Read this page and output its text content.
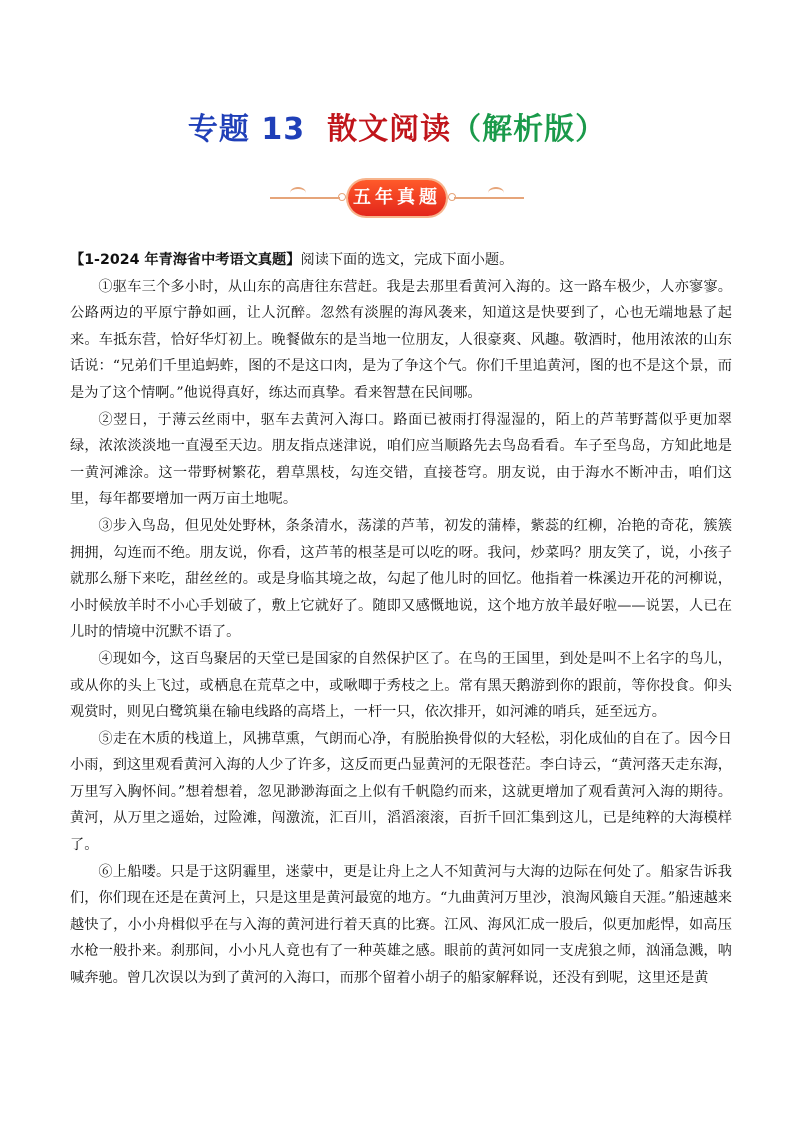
专题 13 散文阅读（解析版）
五年真题

【1-2024 年青海省中考语文真题】阅读下面的选文，完成下面小题。

①驱车三个多小时，从山东的高唐往东营赶。我是去那里看黄河入海的。这一路车极少，人亦寥寥。公路两边的平原宁静如画，让人沉醉。忽然有淡腥的海风袭来，知道这是快要到了，心也无端地悬了起来。车抵东营，恰好华灯初上。晚餐做东的是当地一位朋友，人很豪爽、风趣。敬酒时，他用浓浓的山东话说：“兄弟们千里追蚂蚱，图的不是这口肉，是为了争这个气。你们千里追黄河，图的也不是这个景，而是为了这个情啊。”他说得真好，练达而真挚。看来智慧在民间哪。

②翌日，于薄云丝雨中，驱车去黄河入海口。路面已被雨打得湿湿的，陌上的芦苇野蒿似乎更加翠绿，浓浓淡淡地一直漫至天边。朋友指点迷津说，咱们应当顺路先去鸟岛看看。车子至鸟岛，方知此地是一黄河滩涂。这一带野树繁花，碧草黑枝，勾连交错，直接苍穹。朋友说，由于海水不断冲击，咱们这里，每年都要增加一两万亩土地呢。

③步入鸟岛，但见处处野林，条条清水，荡漾的芦苇，初发的蒲棒，紫蕊的红柳，冶艳的奇花，簇簇拥拥，勾连而不绝。朋友说，你看，这芦苇的根茎是可以吃的呀。我问，炒菜吗？朋友笑了，说，小孩子就那么掰下来吃，甜丝丝的。或是身临其境之故，勾起了他儿时的回忆。他指着一株溪边开花的河柳说，小时候放羊时不小心手划破了，敷上它就好了。随即又感慨地说，这个地方放羊最好啦——说罢，人已在儿时的情境中沉默不语了。

④现如今，这百鸟聚居的天堂已是国家的自然保护区了。在鸟的王国里，到处是叫不上名字的鸟儿，或从你的头上飞过，或栖息在荒草之中，或啾唧于秀枝之上。常有黑天鹅游到你的跟前，等你投食。仰头观赏时，则见白鹭筑巢在输电线路的高塔上，一杆一只，依次排开，如河滩的哨兵，延至远方。

⑤走在木质的栈道上，风拂草熏，气朗而心净，有脱胎换骨似的大轻松，羽化成仙的自在了。因今日小雨，到这里观看黄河入海的人少了许多，这反而更凸显黄河的无限苍茫。李白诗云，“黄河落天走东海，万里写入胸怀间。”想着想着，忽见渺渺海面之上似有千帆隐约而来，这就更增加了观看黄河入海的期待。黄河，从万里之遥始，过险滩，闯激流，汇百川，滔滔滚滚，百折千回汇集到这儿，已是纯粹的大海模样了。

⑥上船喽。只是于这阴霾里，迷蒙中，更是让舟上之人不知黄河与大海的边际在何处了。船家告诉我们，你们现在还是在黄河上，只是这里是黄河最宽的地方。“九曲黄河万里沙，浪淘风簸自天涯。”船速越来越快了，小小舟楫似乎在与入海的黄河进行着天真的比赛。江风、海风汇成一股后，似更加彪悍，如高压水枪一般扑来。刹那间，小小凡人竟也有了一种英雄之感。眼前的黄河如同一支虎狼之师，汹涌急溅，呐喊奔驰。曾几次误以为到了黄河的入海口，而那个留着小胡子的船家解释说，还没有到呢，这里还是黄
